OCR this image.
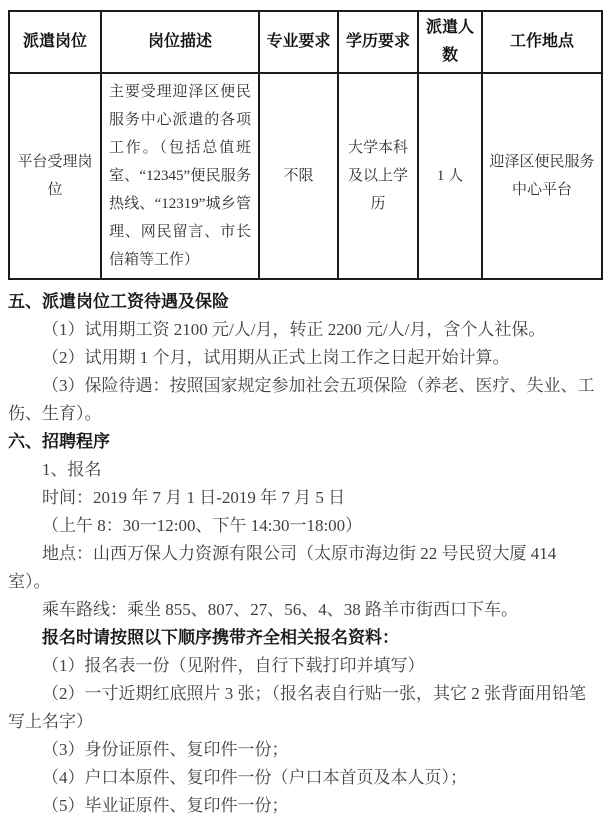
派遣岗位	岗位描述	专业要求	学历要求	派遣人数	工作地点
平台受理岗位	主要受理迎泽区便民服务中心派遣的各项工作。（包括总值班室、“12345”便民服务热线、“12319”城乡管理、网民留言、市长信箱等工作）	不限	大学本科及以上学历	1 人	迎泽区便民服务中心平台

五、派遣岗位工资待遇及保险

（1）试用期工资 2100 元/人/月，转正 2200 元/人/月，含个人社保。

（2）试用期 1 个月，试用期从正式上岗工作之日起开始计算。

（3）保险待遇：按照国家规定参加社会五项保险（养老、医疗、失业、工伤、生育）。

六、招聘程序

1、报名

时间：2019 年 7 月 1 日-2019 年 7 月 5 日

（上午 8：30一12:00、下午 14:30一18:00）

地点：山西万保人力资源有限公司（太原市海边街 22 号民贸大厦 414 室）。

乘车路线：乘坐 855、807、27、56、4、38 路羊市街西口下车。

报名时请按照以下顺序携带齐全相关报名资料：

（1）报名表一份（见附件，自行下载打印并填写）

（2）一寸近期红底照片 3 张；（报名表自行贴一张，其它 2 张背面用铅笔写上名字）

（3）身份证原件、复印件一份；

（4）户口本原件、复印件一份（户口本首页及本人页）；

（5）毕业证原件、复印件一份；
